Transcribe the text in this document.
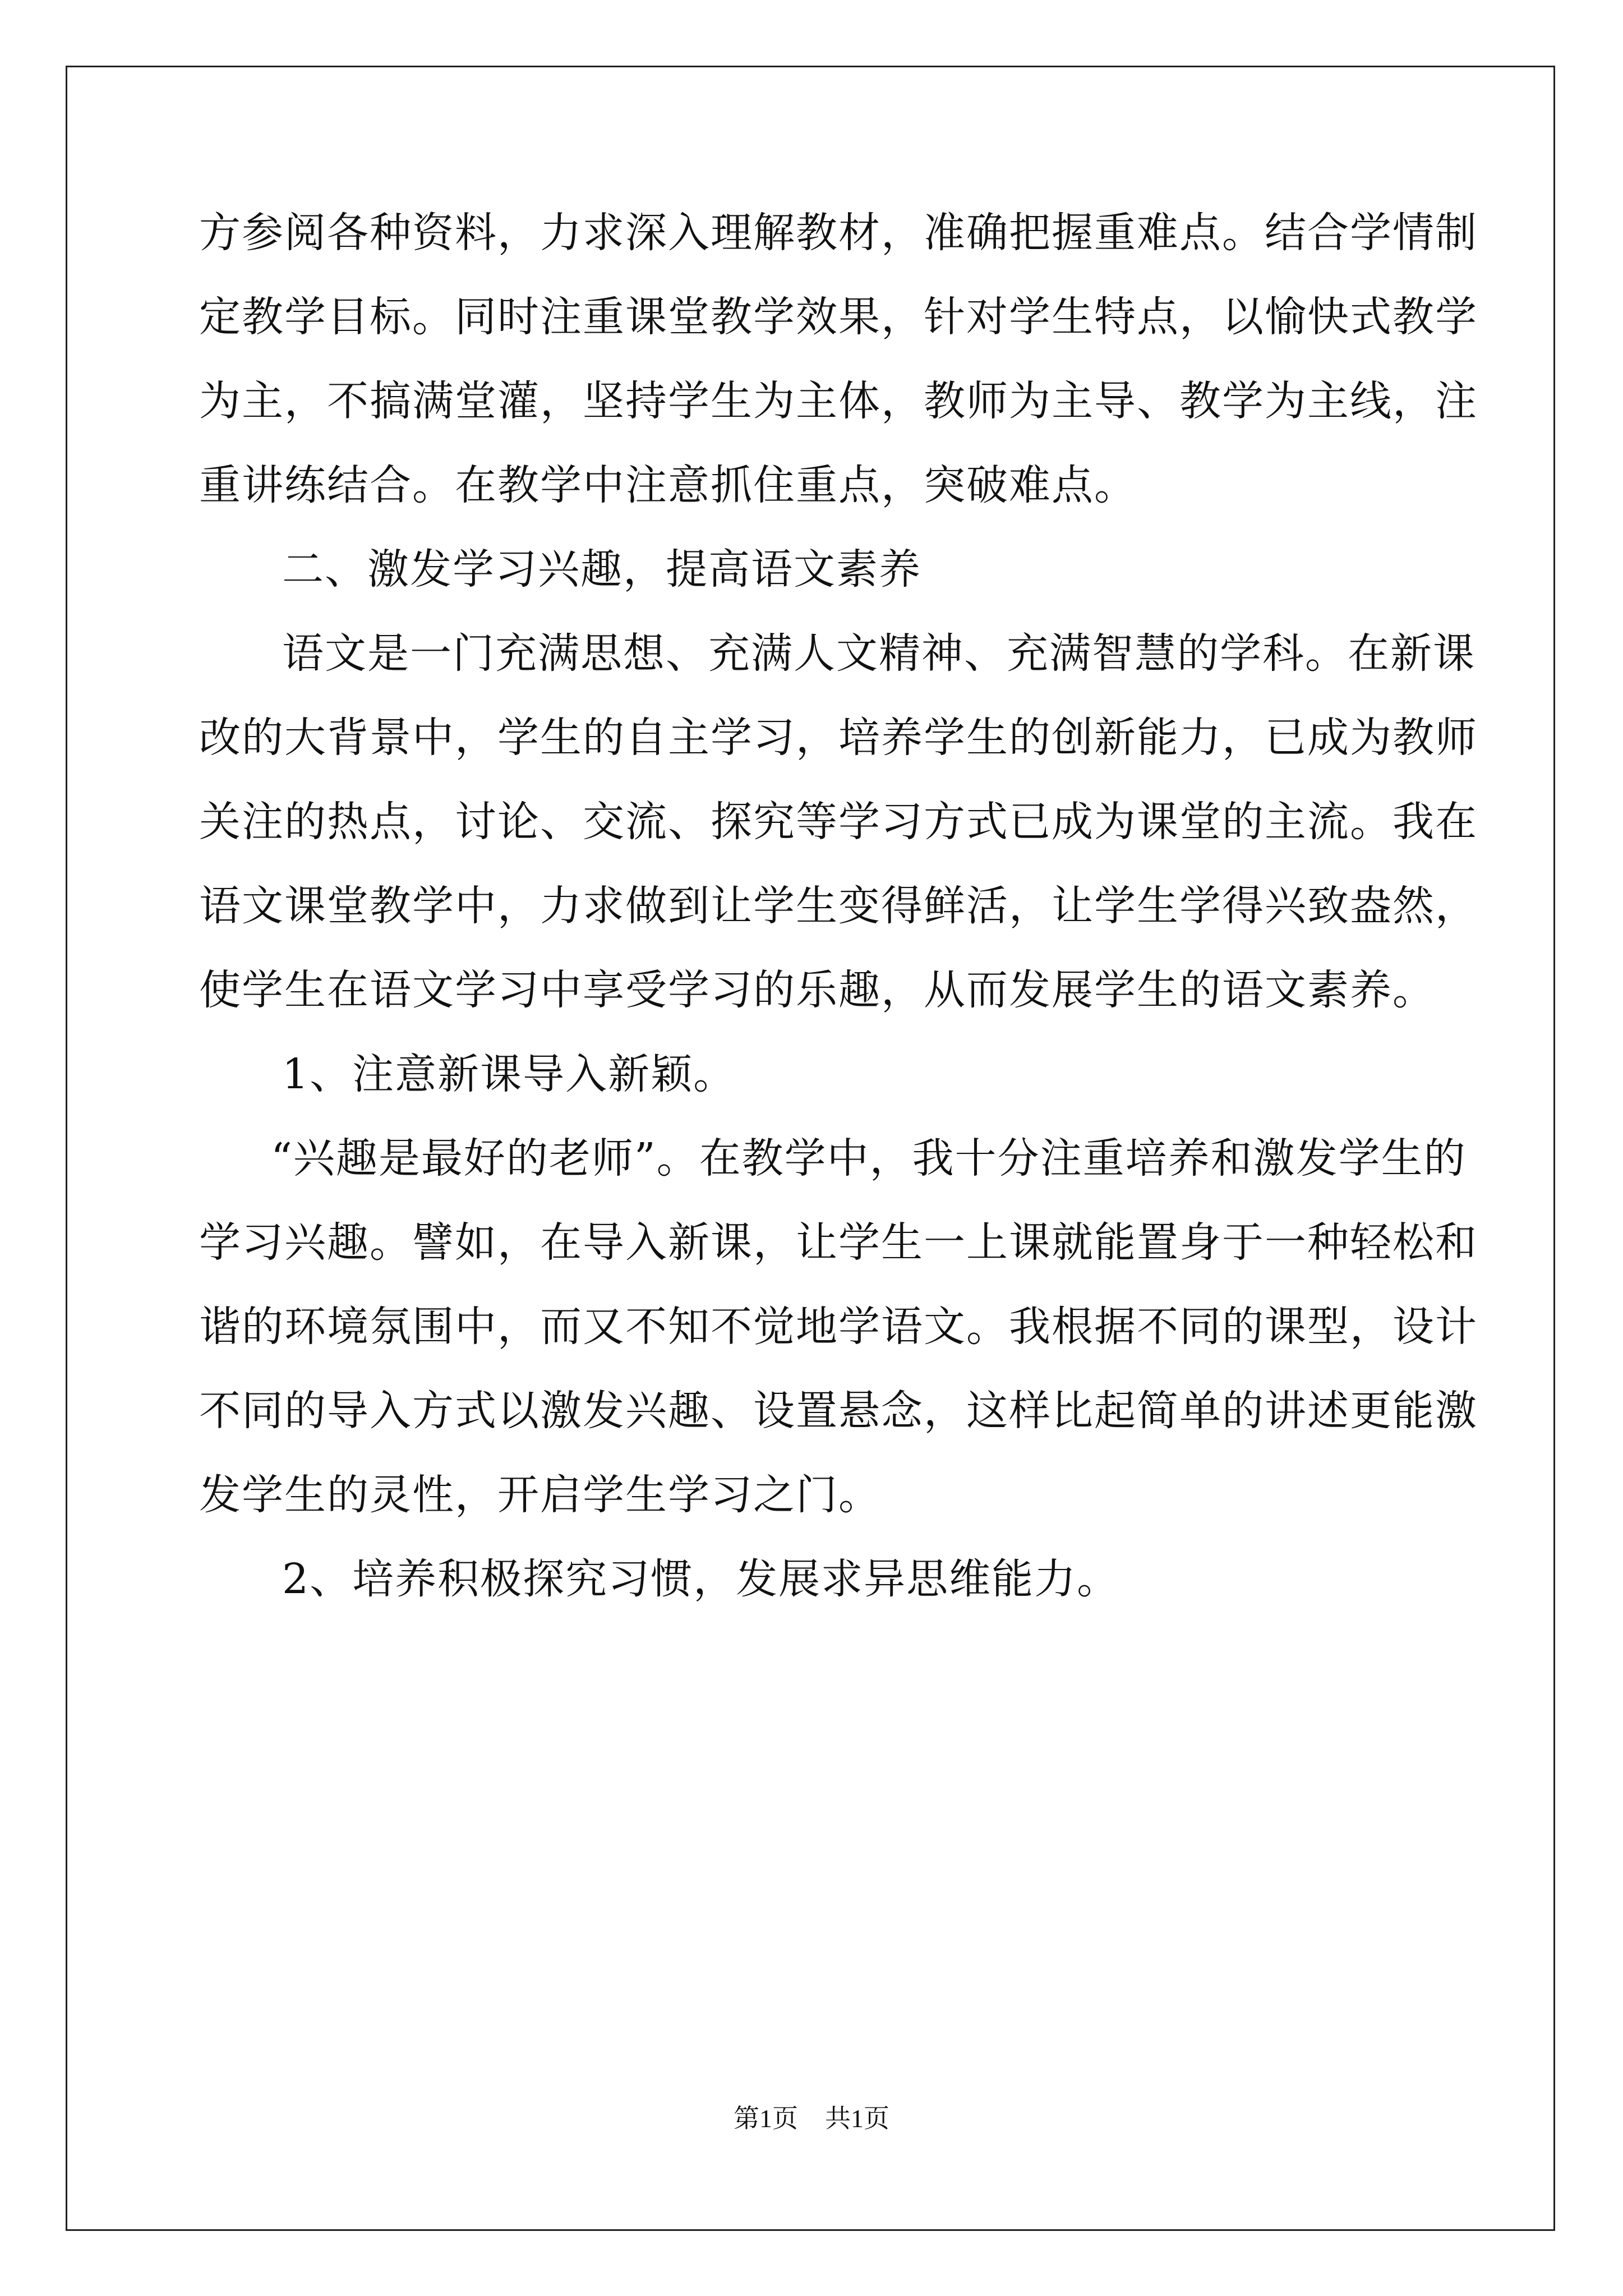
方参阅各种资料，力求深入理解教材，准确把握重难点。结合学情制
定教学目标。同时注重课堂教学效果，针对学生特点，以愉快式教学
为主，不搞满堂灌，坚持学生为主体，教师为主导、教学为主线，注
重讲练结合。在教学中注意抓住重点，突破难点。
二、激发学习兴趣，提高语文素养
语文是一门充满思想、充满人文精神、充满智慧的学科。在新课
改的大背景中，学生的自主学习，培养学生的创新能力，已成为教师
关注的热点，讨论、交流、探究等学习方式已成为课堂的主流。我在
语文课堂教学中，力求做到让学生变得鲜活，让学生学得兴致盎然，
使学生在语文学习中享受学习的乐趣，从而发展学生的语文素养。
1、注意新课导入新颖。
“兴趣是最好的老师”。在教学中，我十分注重培养和激发学生的
学习兴趣。譬如，在导入新课，让学生一上课就能置身于一种轻松和
谐的环境氛围中，而又不知不觉地学语文。我根据不同的课型，设计
不同的导入方式以激发兴趣、设置悬念，这样比起简单的讲述更能激
发学生的灵性，开启学生学习之门。
2、培养积极探究习惯，发展求异思维能力。
第1页 共1页
